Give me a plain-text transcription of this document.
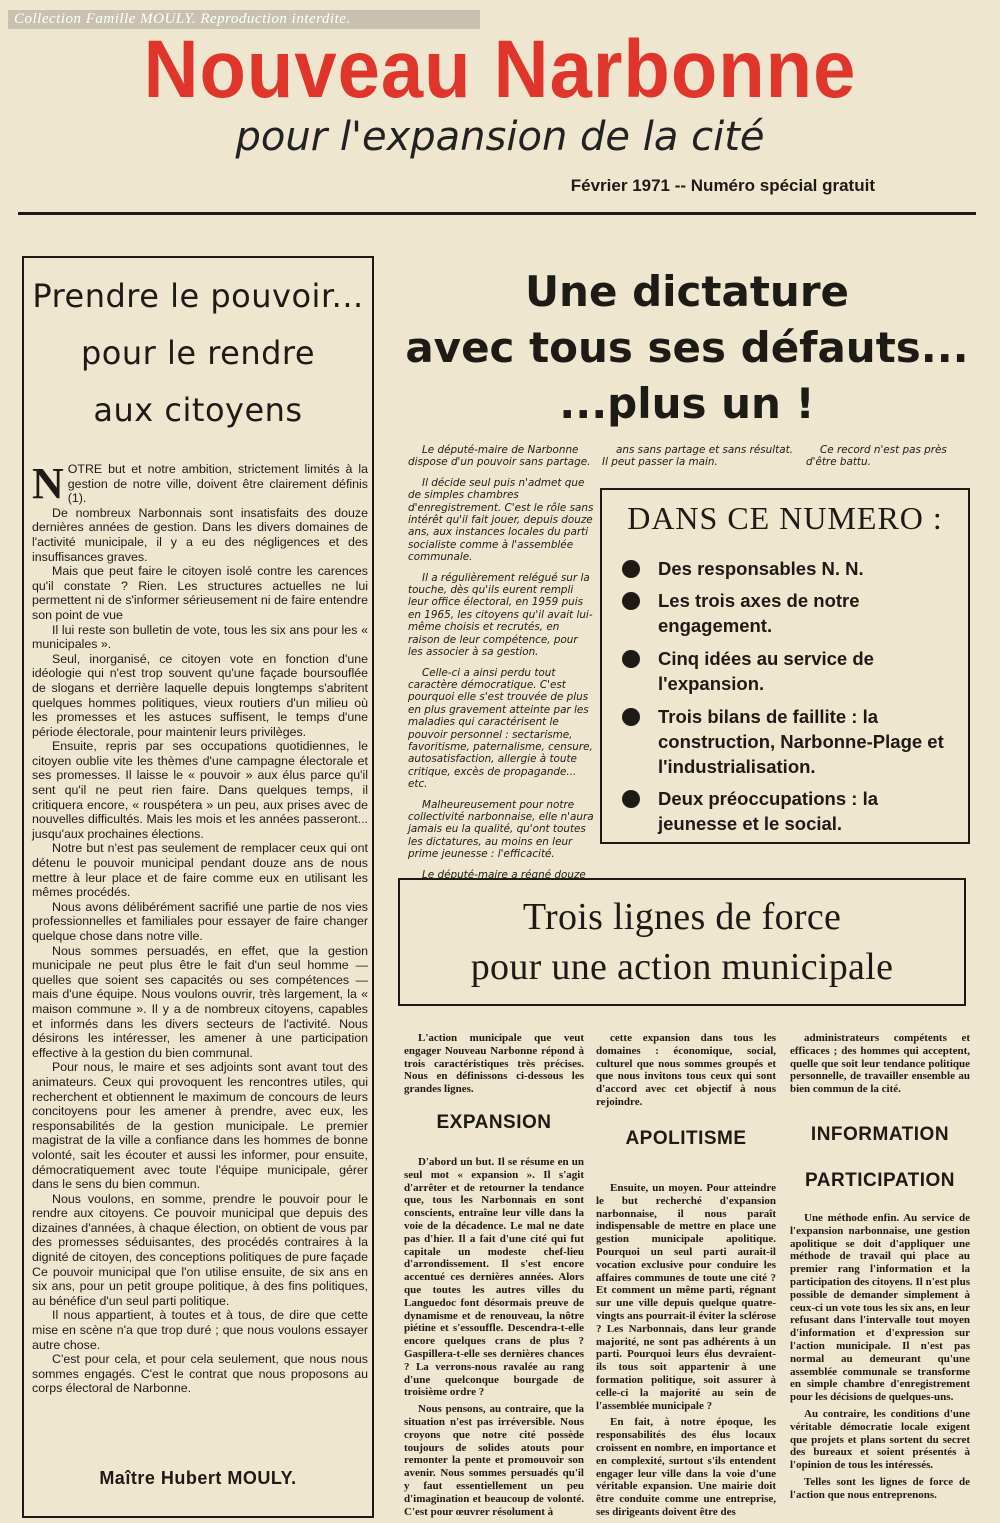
Collection Famille MOULY. Reproduction interdite.
Nouveau Narbonne
pour l'expansion de la cité
Février 1971 -- Numéro spécial gratuit
Prendre le pouvoir...
pour le rendre
aux citoyens

NOTRE but et notre ambition, strictement limités à la gestion de notre ville, doivent être clairement définis (1).

De nombreux Narbonnais sont insatisfaits des douze dernières années de gestion. Dans les divers domaines de l'activité municipale, il y a eu des négligences et des insuffisances graves.

Mais que peut faire le citoyen isolé contre les carences qu'il constate ? Rien. Les structures actuelles ne lui permettent ni de s'informer sérieusement ni de faire entendre son point de vue

Il lui reste son bulletin de vote, tous les six ans pour les « municipales ».

Seul, inorganisé, ce citoyen vote en fonction d'une idéologie qui n'est trop souvent qu'une façade boursouflée de slogans et derrière laquelle depuis longtemps s'abritent quelques hommes politiques, vieux routiers d'un milieu où les promesses et les astuces suffisent, le temps d'une période électorale, pour maintenir leurs privilèges.

Ensuite, repris par ses occupations quotidiennes, le citoyen oublie vite les thèmes d'une campagne électorale et ses promesses. Il laisse le « pouvoir » aux élus parce qu'il sent qu'il ne peut rien faire. Dans quelques temps, il critiquera encore, « rouspétera » un peu, aux prises avec de nouvelles difficultés. Mais les mois et les années passeront... jusqu'aux prochaines élections.

Notre but n'est pas seulement de remplacer ceux qui ont détenu le pouvoir municipal pendant douze ans de nous mettre à leur place et de faire comme eux en utilisant les mêmes procédés.

Nous avons délibérément sacrifié une partie de nos vies professionnelles et familiales pour essayer de faire changer quelque chose dans notre ville.

Nous sommes persuadés, en effet, que la gestion municipale ne peut plus être le fait d'un seul homme — quelles que soient ses capacités ou ses compétences — mais d'une équipe. Nous voulons ouvrir, très largement, la « maison commune ». Il y a de nombreux citoyens, capables et informés dans les divers secteurs de l'activité. Nous désirons les intéresser, les amener à une participation effective à la gestion du bien communal.

Pour nous, le maire et ses adjoints sont avant tout des animateurs. Ceux qui provoquent les rencontres utiles, qui recherchent et obtiennent le maximum de concours de leurs concitoyens pour les amener à prendre, avec eux, les responsabilités de la gestion municipale. Le premier magistrat de la ville a confiance dans les hommes de bonne volonté, sait les écouter et aussi les informer, pour ensuite, démocratiquement avec toute l'équipe municipale, gérer dans le sens du bien commun.

Nous voulons, en somme, prendre le pouvoir pour le rendre aux citoyens. Ce pouvoir municipal que depuis des dizaines d'années, à chaque élection, on obtient de vous par des promesses séduisantes, des procédés contraires à la dignité de citoyen, des conceptions politiques de pure façade Ce pouvoir municipal que l'on utilise ensuite, de six ans en six ans, pour un petit groupe politique, à des fins politiques, au bénéfice d'un seul parti politique.

Il nous appartient, à toutes et à tous, de dire que cette mise en scène n'a que trop duré ; que nous voulons essayer autre chose.

C'est pour cela, et pour cela seulement, que nous nous sommes engagés. C'est le contrat que nous proposons au corps électoral de Narbonne.

Maître Hubert MOULY.
Une dictature
avec tous ses défauts...
...plus un !

Le député-maire de Narbonne dispose d'un pouvoir sans partage.

Il décide seul puis n'admet que de simples chambres d'enregistrement. C'est le rôle sans intérêt qu'il fait jouer, depuis douze ans, aux instances locales du parti socialiste comme à l'assemblée communale.

Il a régulièrement relégué sur la touche, dès qu'ils eurent rempli leur office électoral, en 1959 puis en 1965, les citoyens qu'il avait lui-même choisis et recrutés, en raison de leur compétence, pour les associer à sa gestion.

Celle-ci a ainsi perdu tout caractère démocratique. C'est pourquoi elle s'est trouvée de plus en plus gravement atteinte par les maladies qui caractérisent le pouvoir personnel : sectarisme, favoritisme, paternalisme, censure, autosatisfaction, allergie à toute critique, excès de propagande... etc.

Malheureusement pour notre collectivité narbonnaise, elle n'aura jamais eu la qualité, qu'ont toutes les dictatures, au moins en leur prime jeunesse : l'efficacité.

Le député-maire a régné douze

ans sans partage et sans résultat. Il peut passer la main.

Ce record n'est pas près d'être battu.

DANS CE NUMERO :
Des responsables N. N.
Les trois axes de notre engagement.
Cinq idées au service de l'expansion.
Trois bilans de faillite : la construction, Narbonne-Plage et l'industrialisation.
Deux préoccupations : la jeunesse et le social.
Trois lignes de force
pour une action municipale

L'action municipale que veut engager Nouveau Narbonne répond à trois caractéristiques très précises. Nous en définissons ci-dessous les grandes lignes.

cette expansion dans tous les domaines : économique, social, culturel que nous sommes groupés et que nous invitons tous ceux qui sont d'accord avec cet objectif à nous rejoindre.

administrateurs compétents et efficaces ; des hommes qui acceptent, quelle que soit leur tendance politique personnelle, de travailler ensemble au bien commun de la cité.

EXPANSION
APOLITISME	INFORMATION
PARTICIPATION

D'abord un but. Il se résume en un seul mot « expansion ». Il s'agit d'arrêter et de retourner la tendance que, tous les Narbonnais en sont conscients, entraîne leur ville dans la voie de la décadence. Le mal ne date pas d'hier. Il a fait d'une cité qui fut capitale un modeste chef-lieu d'arrondissement. Il s'est encore accentué ces dernières années. Alors que toutes les autres villes du Languedoc font désormais preuve de dynamisme et de renouveau, la nôtre piétine et s'essouffle. Descendra-t-elle encore quelques crans de plus ? Gaspillera-t-elle ses dernières chances ? La verrons-nous ravalée au rang d'une quelconque bourgade de troisième ordre ?

Nous pensons, au contraire, que la situation n'est pas irréversible. Nous croyons que notre cité possède toujours de solides atouts pour remonter la pente et promouvoir son avenir. Nous sommes persuadés qu'il y faut essentiellement un peu d'imagination et beaucoup de volonté. C'est pour œuvrer résolument à

Ensuite, un moyen. Pour atteindre le but recherché d'expansion narbonnaise, il nous paraît indispensable de mettre en place une gestion municipale apolitique. Pourquoi un seul parti aurait-il vocation exclusive pour conduire les affaires communes de toute une cité ? Et comment un même parti, régnant sur une ville depuis quelque quatre-vingts ans pourrait-il éviter la sclérose ? Les Narbonnais, dans leur grande majorité, ne sont pas adhérents à un parti. Pourquoi leurs élus devraient-ils tous soit appartenir à une formation politique, soit assurer à celle-ci la majorité au sein de l'assemblée municipale ?

En fait, à notre époque, les responsabilités des élus locaux croissent en nombre, en importance et en complexité, surtout s'ils entendent engager leur ville dans la voie d'une véritable expansion. Une mairie doit être conduite comme une entreprise, ses dirigeants doivent être des

Une méthode enfin. Au service de l'expansion narbonnaise, une gestion apolitique se doit d'appliquer une méthode de travail qui place au premier rang l'information et la participation des citoyens. Il n'est plus possible de demander simplement à ceux-ci un vote tous les six ans, en leur refusant dans l'intervalle tout moyen d'information et d'expression sur l'action municipale. Il n'est pas normal au demeurant qu'une assemblée communale se transforme en simple chambre d'enregistrement pour les décisions de quelques-uns.

Au contraire, les conditions d'une véritable démocratie locale exigent que projets et plans sortent du secret des bureaux et soient présentés à l'opinion de tous les intéressés.

Telles sont les lignes de force de l'action que nous entreprenons.
